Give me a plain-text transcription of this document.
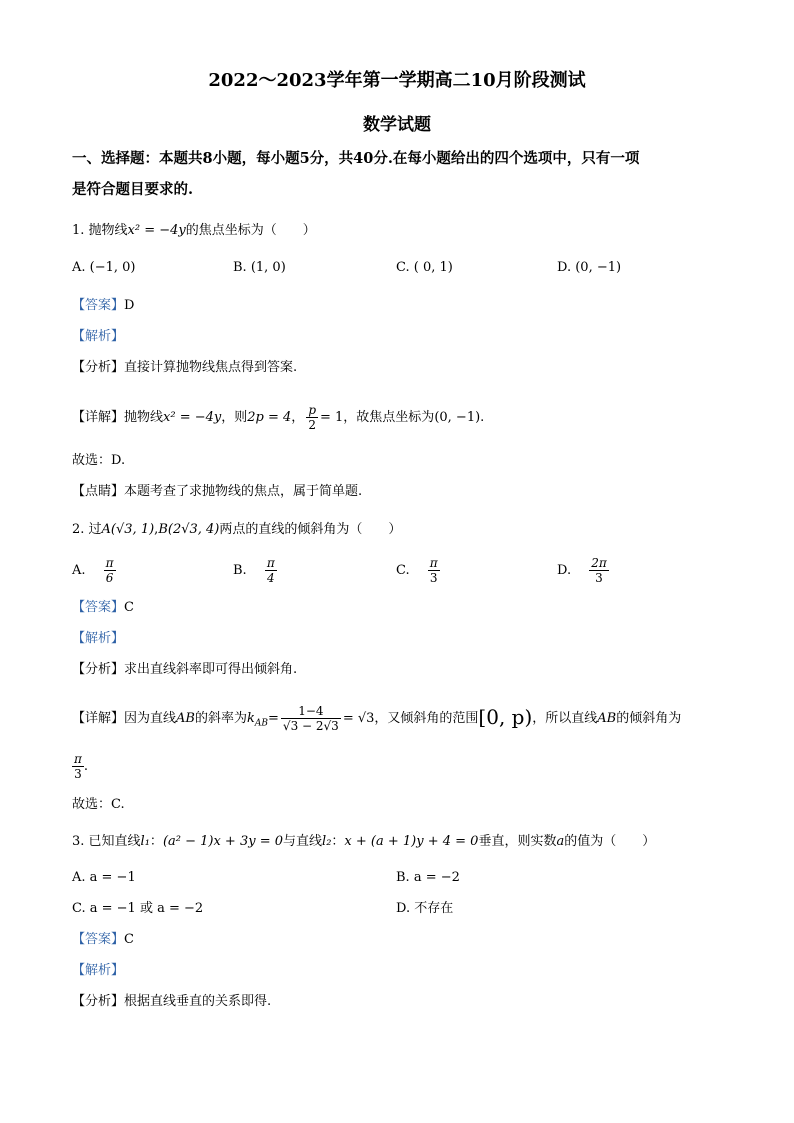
2022～2023学年第一学期高二10月阶段测试
数学试题
一、选择题：本题共8小题，每小题5分，共40分.在每小题给出的四个选项中，只有一项
是符合题目要求的.
1. 抛物线x² = −4y的焦点坐标为（　　）
A. (−1, 0)	B. (1, 0)	C. ( 0, 1)	D. (0, −1)
【答案】D
【解析】
【分析】直接计算抛物线焦点得到答案.
【详解】抛物线x² = −4y，则2p = 4， $\frac{p}{2} = 1$，故焦点坐标为(0, −1).
故选：D.
【点睛】本题考查了求抛物线的焦点，属于简单题.
2. 过A(√3, 1),B(2√3, 4)两点的直线的倾斜角为（　　）
A. $\frac{\pi}{6}$	B. $\frac{\pi}{4}$	C. $\frac{\pi}{3}$	D. $\frac{2\pi}{3}$
【答案】C
【解析】
【分析】求出直线斜率即可得出倾斜角.
【详解】因为直线AB的斜率为$k_{AB}= \frac{1-4}{√3 - 2√3} = √3$，又倾斜角的范围[0, p)，所以直线AB的倾斜角为
$\frac{\pi}{3}$ .
故选：C.
3. 已知直线l₁：(a² − 1)x + 3y = 0与直线l₂：x + (a + 1)y + 4 = 0垂直，则实数a的值为（　　）
A. a = −1	B. a = −2
C. a = −1 或 a = −2	D. 不存在
【答案】C
【解析】
【分析】根据直线垂直的关系即得.
